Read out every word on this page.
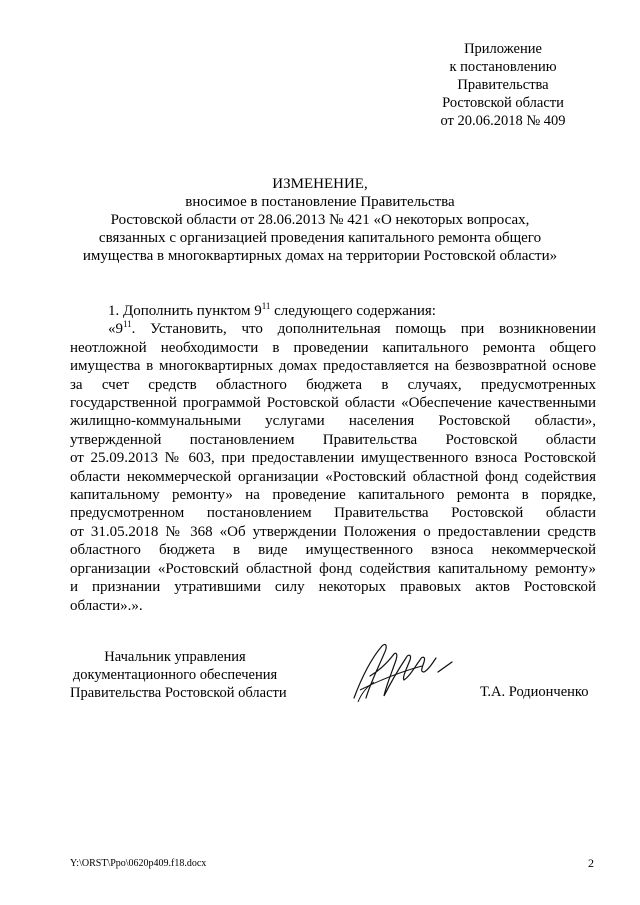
Приложение
к постановлению
Правительства
Ростовской области
от 20.06.2018 № 409
ИЗМЕНЕНИЕ,
вносимое в постановление Правительства
Ростовской области от 28.06.2013 № 421 «О некоторых вопросах,
связанных с организацией проведения капитального ремонта общего
имущества в многоквартирных домах на территории Ростовской области»

1. Дополнить пунктом $9^{11}$ следующего содержания:

«$9^{11}$. Установить, что дополнительная помощь при возникновении

неотложной необходимости в проведении капитального ремонта общего

имущества в многоквартирных домах предоставляется на безвозвратной основе

за счет средств областного бюджета в случаях, предусмотренных

государственной программой Ростовской области «Обеспечение качественными

жилищно-коммунальными услугами населения Ростовской области»,

утвержденной постановлением Правительства Ростовской области

от 25.09.2013 № 603, при предоставлении имущественного взноса Ростовской

области некоммерческой организации «Ростовский областной фонд содействия

капитальному ремонту» на проведение капитального ремонта в порядке,

предусмотренном постановлением Правительства Ростовской области

от 31.05.2018 № 368 «Об утверждении Положения о предоставлении средств

областного бюджета в виде имущественного взноса некоммерческой

организации «Ростовский областной фонд содействия капитальному ремонту»

и признании утратившими силу некоторых правовых актов Ростовской

области».».

Начальник управления
документационного обеспечения
Правительства Ростовской области	Т.А. Родионченко
Y:\ORST\Ppo\0620p409.f18.docx	2
